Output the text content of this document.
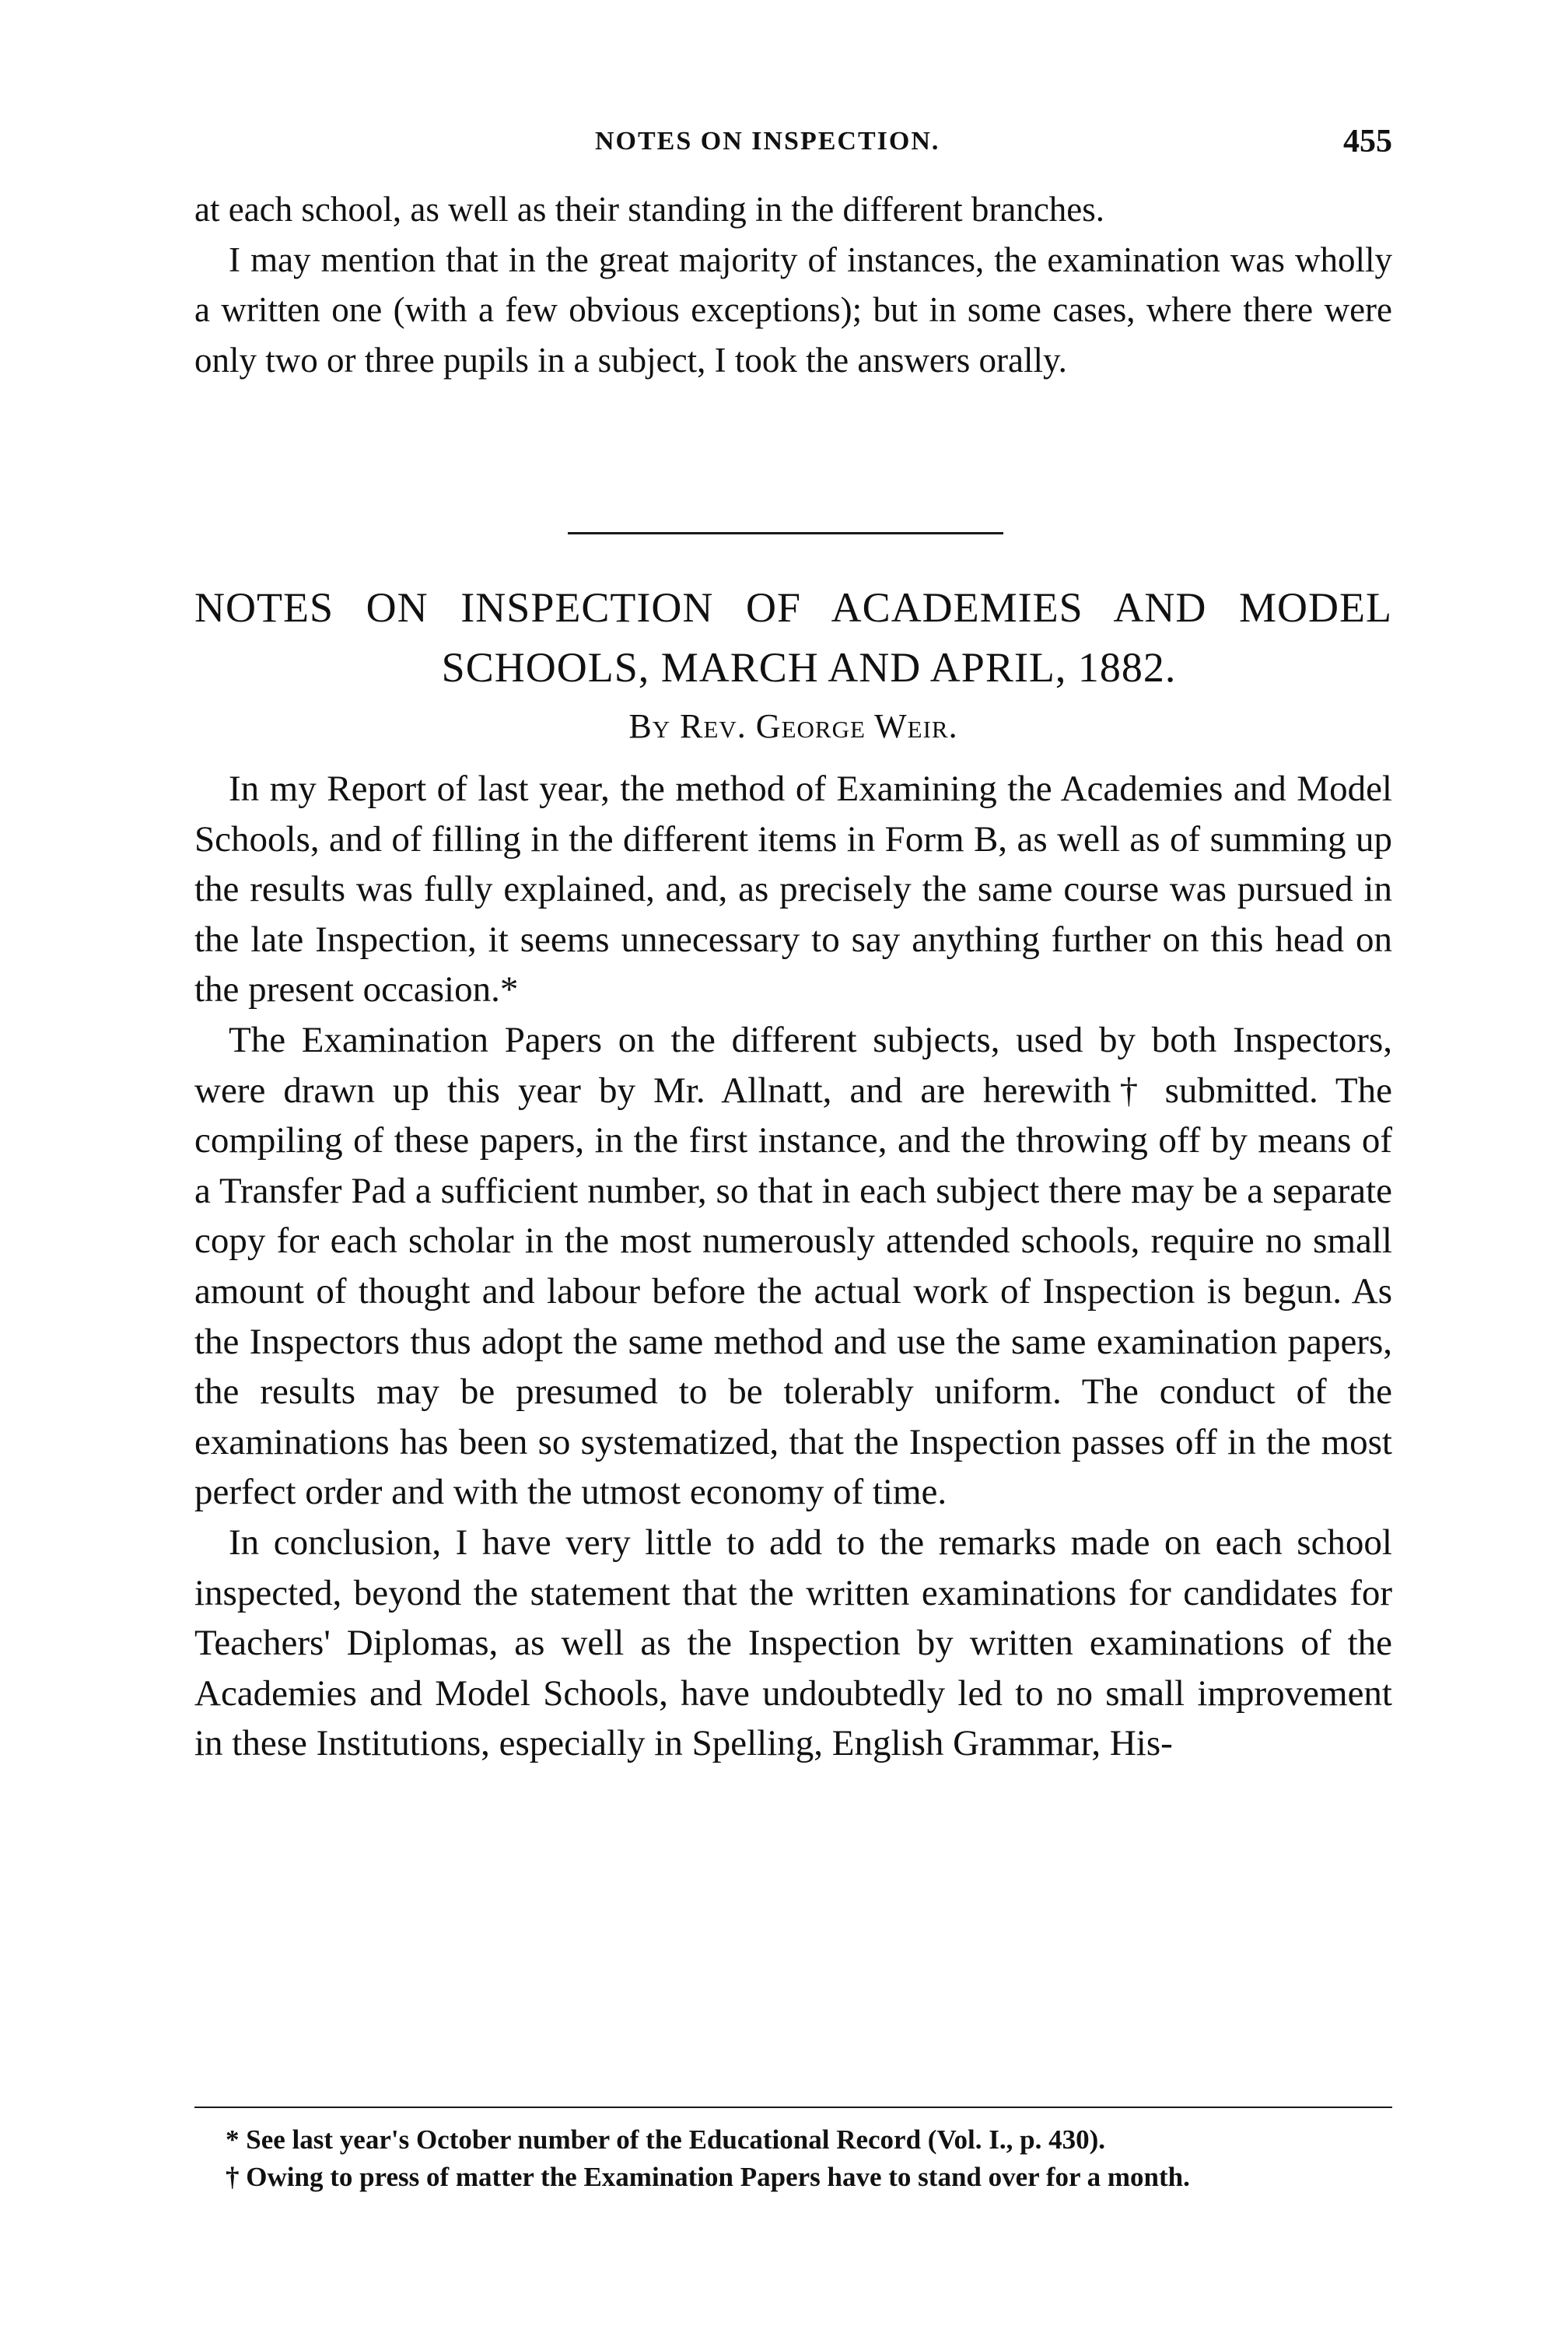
NOTES ON INSPECTION.	455

at each school, as well as their standing in the different branches.

I may mention that in the great majority of instances, the examination was wholly a written one (with a few obvious exceptions); but in some cases, where there were only two or three pupils in a subject, I took the answers orally.

NOTES ON INSPECTION OF ACADEMIES AND MODEL
SCHOOLS, MARCH AND APRIL, 1882.
By Rev. George Weir.

In my Report of last year, the method of Examining the Academies and Model Schools, and of filling in the different items in Form B, as well as of summing up the results was fully explained, and, as precisely the same course was pursued in the late Inspection, it seems unnecessary to say anything further on this head on the present occasion.*

The Examination Papers on the different subjects, used by both Inspectors, were drawn up this year by Mr. Allnatt, and are herewith† submitted. The compiling of these papers, in the first instance, and the throwing off by means of a Transfer Pad a sufficient number, so that in each subject there may be a separate copy for each scholar in the most numerously attended schools, require no small amount of thought and labour before the actual work of Inspection is begun. As the Inspectors thus adopt the same method and use the same examination papers, the results may be presumed to be tolerably uniform. The conduct of the examinations has been so systematized, that the Inspection passes off in the most perfect order and with the utmost economy of time.

In conclusion, I have very little to add to the remarks made on each school inspected, beyond the statement that the written examinations for candidates for Teachers' Diplomas, as well as the Inspection by written examinations of the Academies and Model Schools, have undoubtedly led to no small improvement in these Institutions, especially in Spelling, English Grammar, His-

* See last year's October number of the Educational Record (Vol. I., p. 430).

† Owing to press of matter the Examination Papers have to stand over for a month.
